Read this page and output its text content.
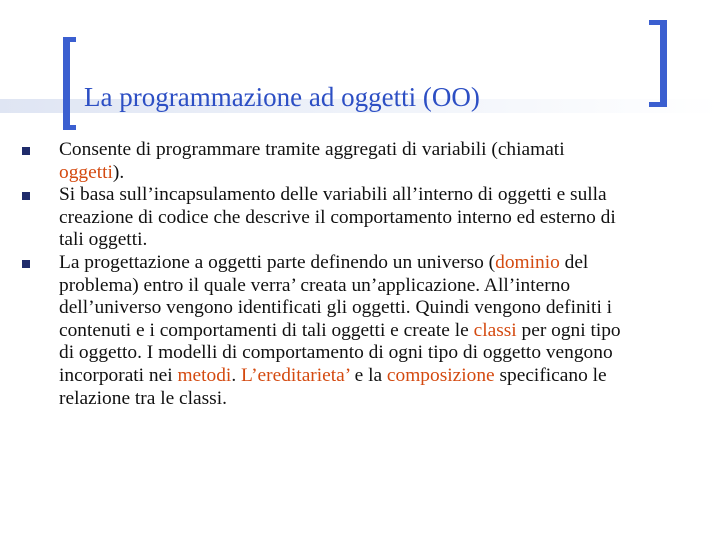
La programmazione ad oggetti (OO)
Consente di programmare tramite aggregati di variabili (chiamati oggetti).
Si basa sull’incapsulamento delle variabili all’interno di oggetti e sulla creazione di codice che descrive il comportamento interno ed esterno di tali oggetti.
La progettazione a oggetti parte definendo un universo (dominio del problema) entro il quale verra’ creata un’applicazione. All’interno dell’universo vengono identificati gli oggetti. Quindi vengono definiti i contenuti e i comportamenti di tali oggetti e create le classi per ogni tipo di oggetto. I modelli di comportamento di ogni tipo di oggetto vengono incorporati nei metodi. L’ereditarieta’ e la composizione specificano le relazione tra le classi.
